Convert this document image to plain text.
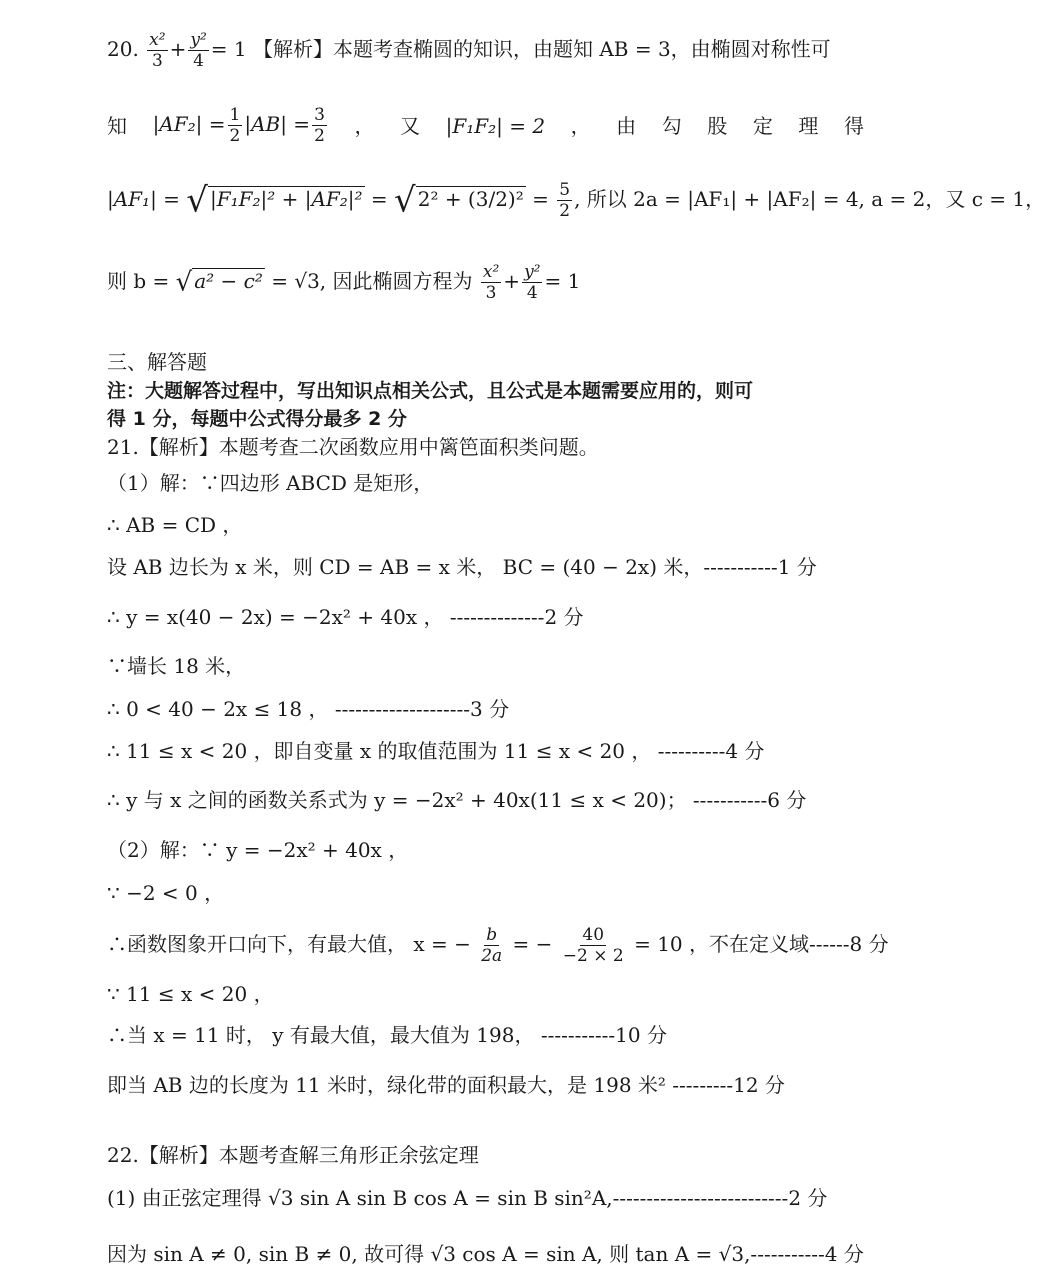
20. $\frac{\text{x²}}{3} + \frac{\text{y²}}{4} = 1$ 【解析】本题考查椭圆的知识，由题知 AB = 3，由椭圆对称性可
知 $|AF_2| = \frac{1}{2} |AB| = \frac{3}{2}$ ， 又 |F₁F₂| = 2 ， 由 勾 股 定 理 得
|AF₁| = √ |F₁F₂|² + |AF₂|² = √ $2^2 + (3/2)^2 = \frac{5}{2}$ , 所以 2a = |AF₁| + |AF₂| = 4, a = 2，又 c = 1，
则 b = √ a² − c² = √3, 因此椭圆方程为 $\frac{\text{x²}}{3} + \frac{\text{y²}}{4} = 1$
三、解答题
注：大题解答过程中，写出知识点相关公式，且公式是本题需要应用的，则可
得 1 分，每题中公式得分最多 2 分
21.【解析】本题考查二次函数应用中篱笆面积类问题。
（1）解：∵四边形 ABCD 是矩形，
∴ AB = CD ，
设 AB 边长为 x 米，则 CD = AB = x 米， BC = (40 − 2x) 米，-----------1 分
∴ y = x(40 − 2x) = −2x² + 40x ， --------------2 分
∵墙长 18 米，
∴ 0 < 40 − 2x ≤ 18 ， --------------------3 分
∴ 11 ≤ x < 20 ，即自变量 x 的取值范围为 11 ≤ x < 20 ， ----------4 分
∴ y 与 x 之间的函数关系式为 y = −2x² + 40x(11 ≤ x < 20)； -----------6 分
（2）解：∵ y = −2x² + 40x ，
∵ −2 < 0 ，
∴函数图象开口向下，有最大值， x = − $\frac{b}{2a}$ = − $\frac{40}{-2 \times 2} = 10$ ，不在定义域------8 分
∵ 11 ≤ x < 20 ，
∴当 x = 11 时， y 有最大值，最大值为 198， -----------10 分
即当 AB 边的长度为 11 米时，绿化带的面积最大，是 198 米² ---------12 分
22.【解析】本题考查解三角形正余弦定理
(1) 由正弦定理得 √3 sin A sin B cos A = sin B sin²A,--------------------------2 分
因为 sin A ≠ 0, sin B ≠ 0, 故可得 √3 cos A = sin A, 则 tan A = √3,-----------4 分
